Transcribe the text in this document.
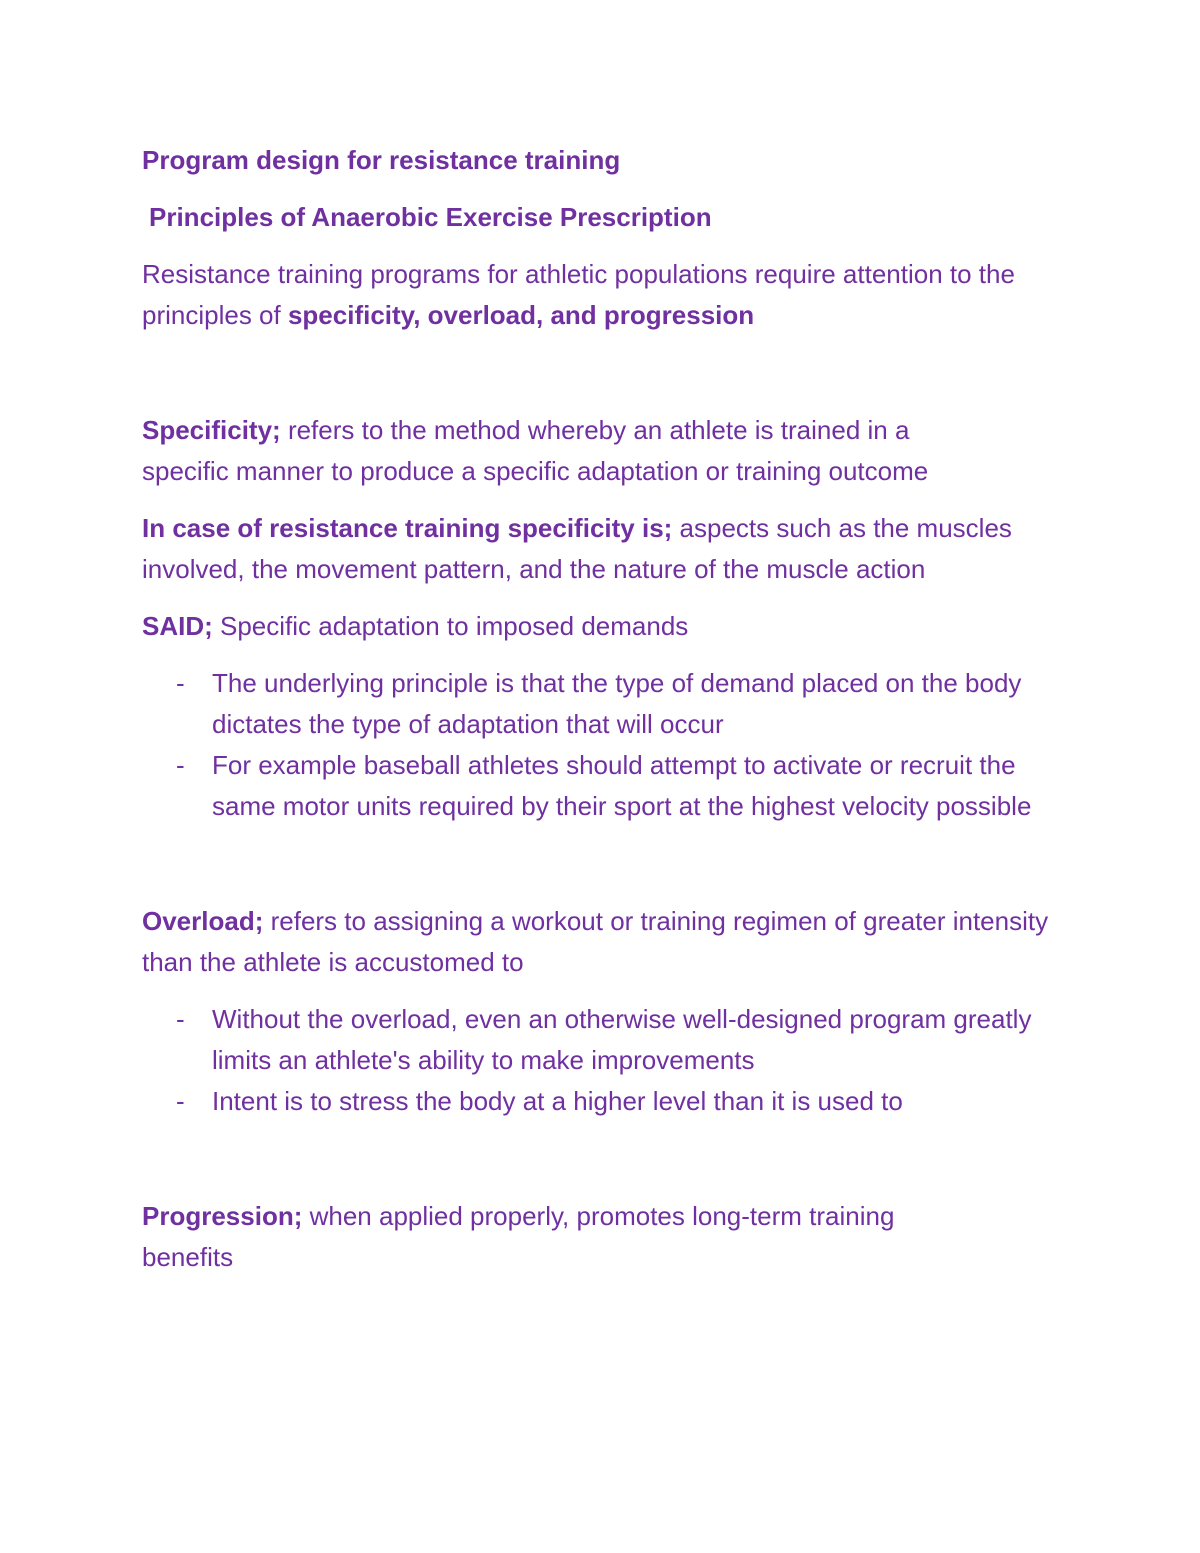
Program design for resistance training

Principles of Anaerobic Exercise Prescription

Resistance training programs for athletic populations require attention to the principles of specificity, overload, and progression

Specificity; refers to the method whereby an athlete is trained in a specific manner to produce a specific adaptation or training outcome

In case of resistance training specificity is; aspects such as the muscles involved, the movement pattern, and the nature of the muscle action

SAID; Specific adaptation to imposed demands

- The underlying principle is that the type of demand placed on the body dictates the type of adaptation that will occur
- For example baseball athletes should attempt to activate or recruit the same motor units required by their sport at the highest velocity possible

Overload; refers to assigning a workout or training regimen of greater intensity than the athlete is accustomed to

- Without the overload, even an otherwise well-designed program greatly limits an athlete's ability to make improvements
- Intent is to stress the body at a higher level than it is used to

Progression; when applied properly, promotes long-term training benefits
